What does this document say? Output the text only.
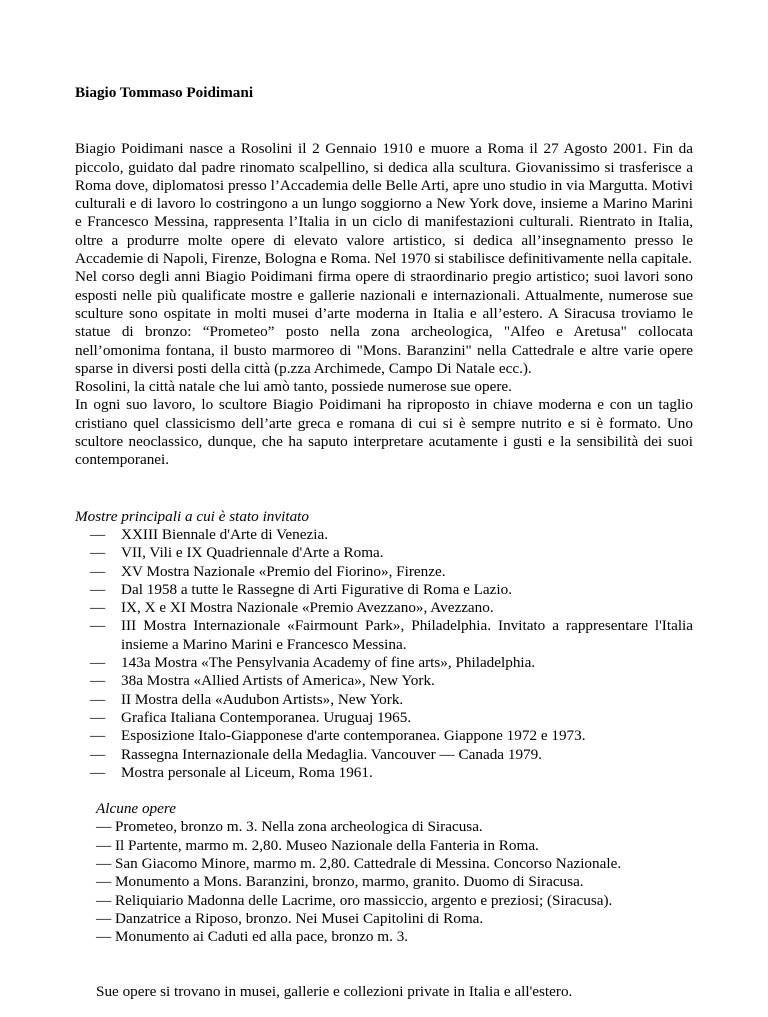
Biagio Tommaso Poidimani

Biagio Poidimani nasce a Rosolini il 2 Gennaio 1910 e muore a Roma il 27 Agosto 2001. Fin da piccolo, guidato dal padre rinomato scalpellino, si dedica alla scultura. Giovanissimo si trasferisce a Roma dove, diplomatosi presso l’Accademia delle Belle Arti, apre uno studio in via Margutta. Motivi culturali e di lavoro lo costringono a un lungo soggiorno a New York dove, insieme a Marino Marini e Francesco Messina, rappresenta l’Italia in un ciclo di manifestazioni culturali. Rientrato in Italia, oltre a produrre molte opere di elevato valore artistico, si dedica all’insegnamento presso le Accademie di Napoli, Firenze, Bologna e Roma. Nel 1970 si stabilisce definitivamente nella capitale.

Nel corso degli anni Biagio Poidimani firma opere di straordinario pregio artistico; suoi lavori sono esposti nelle più qualificate mostre e gallerie nazionali e internazionali. Attualmente, numerose sue sculture sono ospitate in molti musei d’arte moderna in Italia e all’estero. A Siracusa troviamo le statue di bronzo: “Prometeo” posto nella zona archeologica, "Alfeo e Aretusa" collocata nell’omonima fontana, il busto marmoreo di "Mons. Baranzini" nella Cattedrale e altre varie opere sparse in diversi posti della città (p.zza Archimede, Campo Di Natale ecc.).

Rosolini, la città natale che lui amò tanto, possiede numerose sue opere.

In ogni suo lavoro, lo scultore Biagio Poidimani ha riproposto in chiave moderna e con un taglio cristiano quel classicismo dell’arte greca e romana di cui si è sempre nutrito e si è formato. Uno scultore neoclassico, dunque, che ha saputo interpretare acutamente i gusti e la sensibilità dei suoi contemporanei.

Mostre principali a cui è stato invitato

— XXIII Biennale d'Arte di Venezia.
— VII, Vili e IX Quadriennale d'Arte a Roma.
— XV Mostra Nazionale «Premio del Fiorino», Firenze.
— Dal 1958 a tutte le Rassegne di Arti Figurative di Roma e Lazio.
— IX, X e XI Mostra Nazionale «Premio Avezzano», Avezzano.
— III Mostra Internazionale «Fairmount Park», Philadelphia. Invitato a rappresentare l'Italia insieme a Marino Marini e Francesco Messina.
— 143a Mostra «The Pensylvania Academy of fine arts», Philadelphia.
— 38a Mostra «Allied Artists of America», New York.
— II Mostra della «Audubon Artists», New York.
— Grafica Italiana Contemporanea. Uruguaj 1965.
— Esposizione Italo-Giapponese d'arte contemporanea. Giappone 1972 e 1973.
— Rassegna Internazionale della Medaglia. Vancouver — Canada 1979.
— Mostra personale al Liceum, Roma 1961.

Alcune opere

— Prometeo, bronzo m. 3. Nella zona archeologica di Siracusa.
— Il Partente, marmo m. 2,80. Museo Nazionale della Fanteria in Roma.
— San Giacomo Minore, marmo m. 2,80. Cattedrale di Messina. Concorso Nazionale.
— Monumento a Mons. Baranzini, bronzo, marmo, granito. Duomo di Siracusa.
— Reliquiario Madonna delle Lacrime, oro massiccio, argento e preziosi; (Siracusa).
— Danzatrice a Riposo, bronzo. Nei Musei Capitolini di Roma.
— Monumento ai Caduti ed alla pace, bronzo m. 3.

Sue opere si trovano in musei, gallerie e collezioni private in Italia e all'estero.
